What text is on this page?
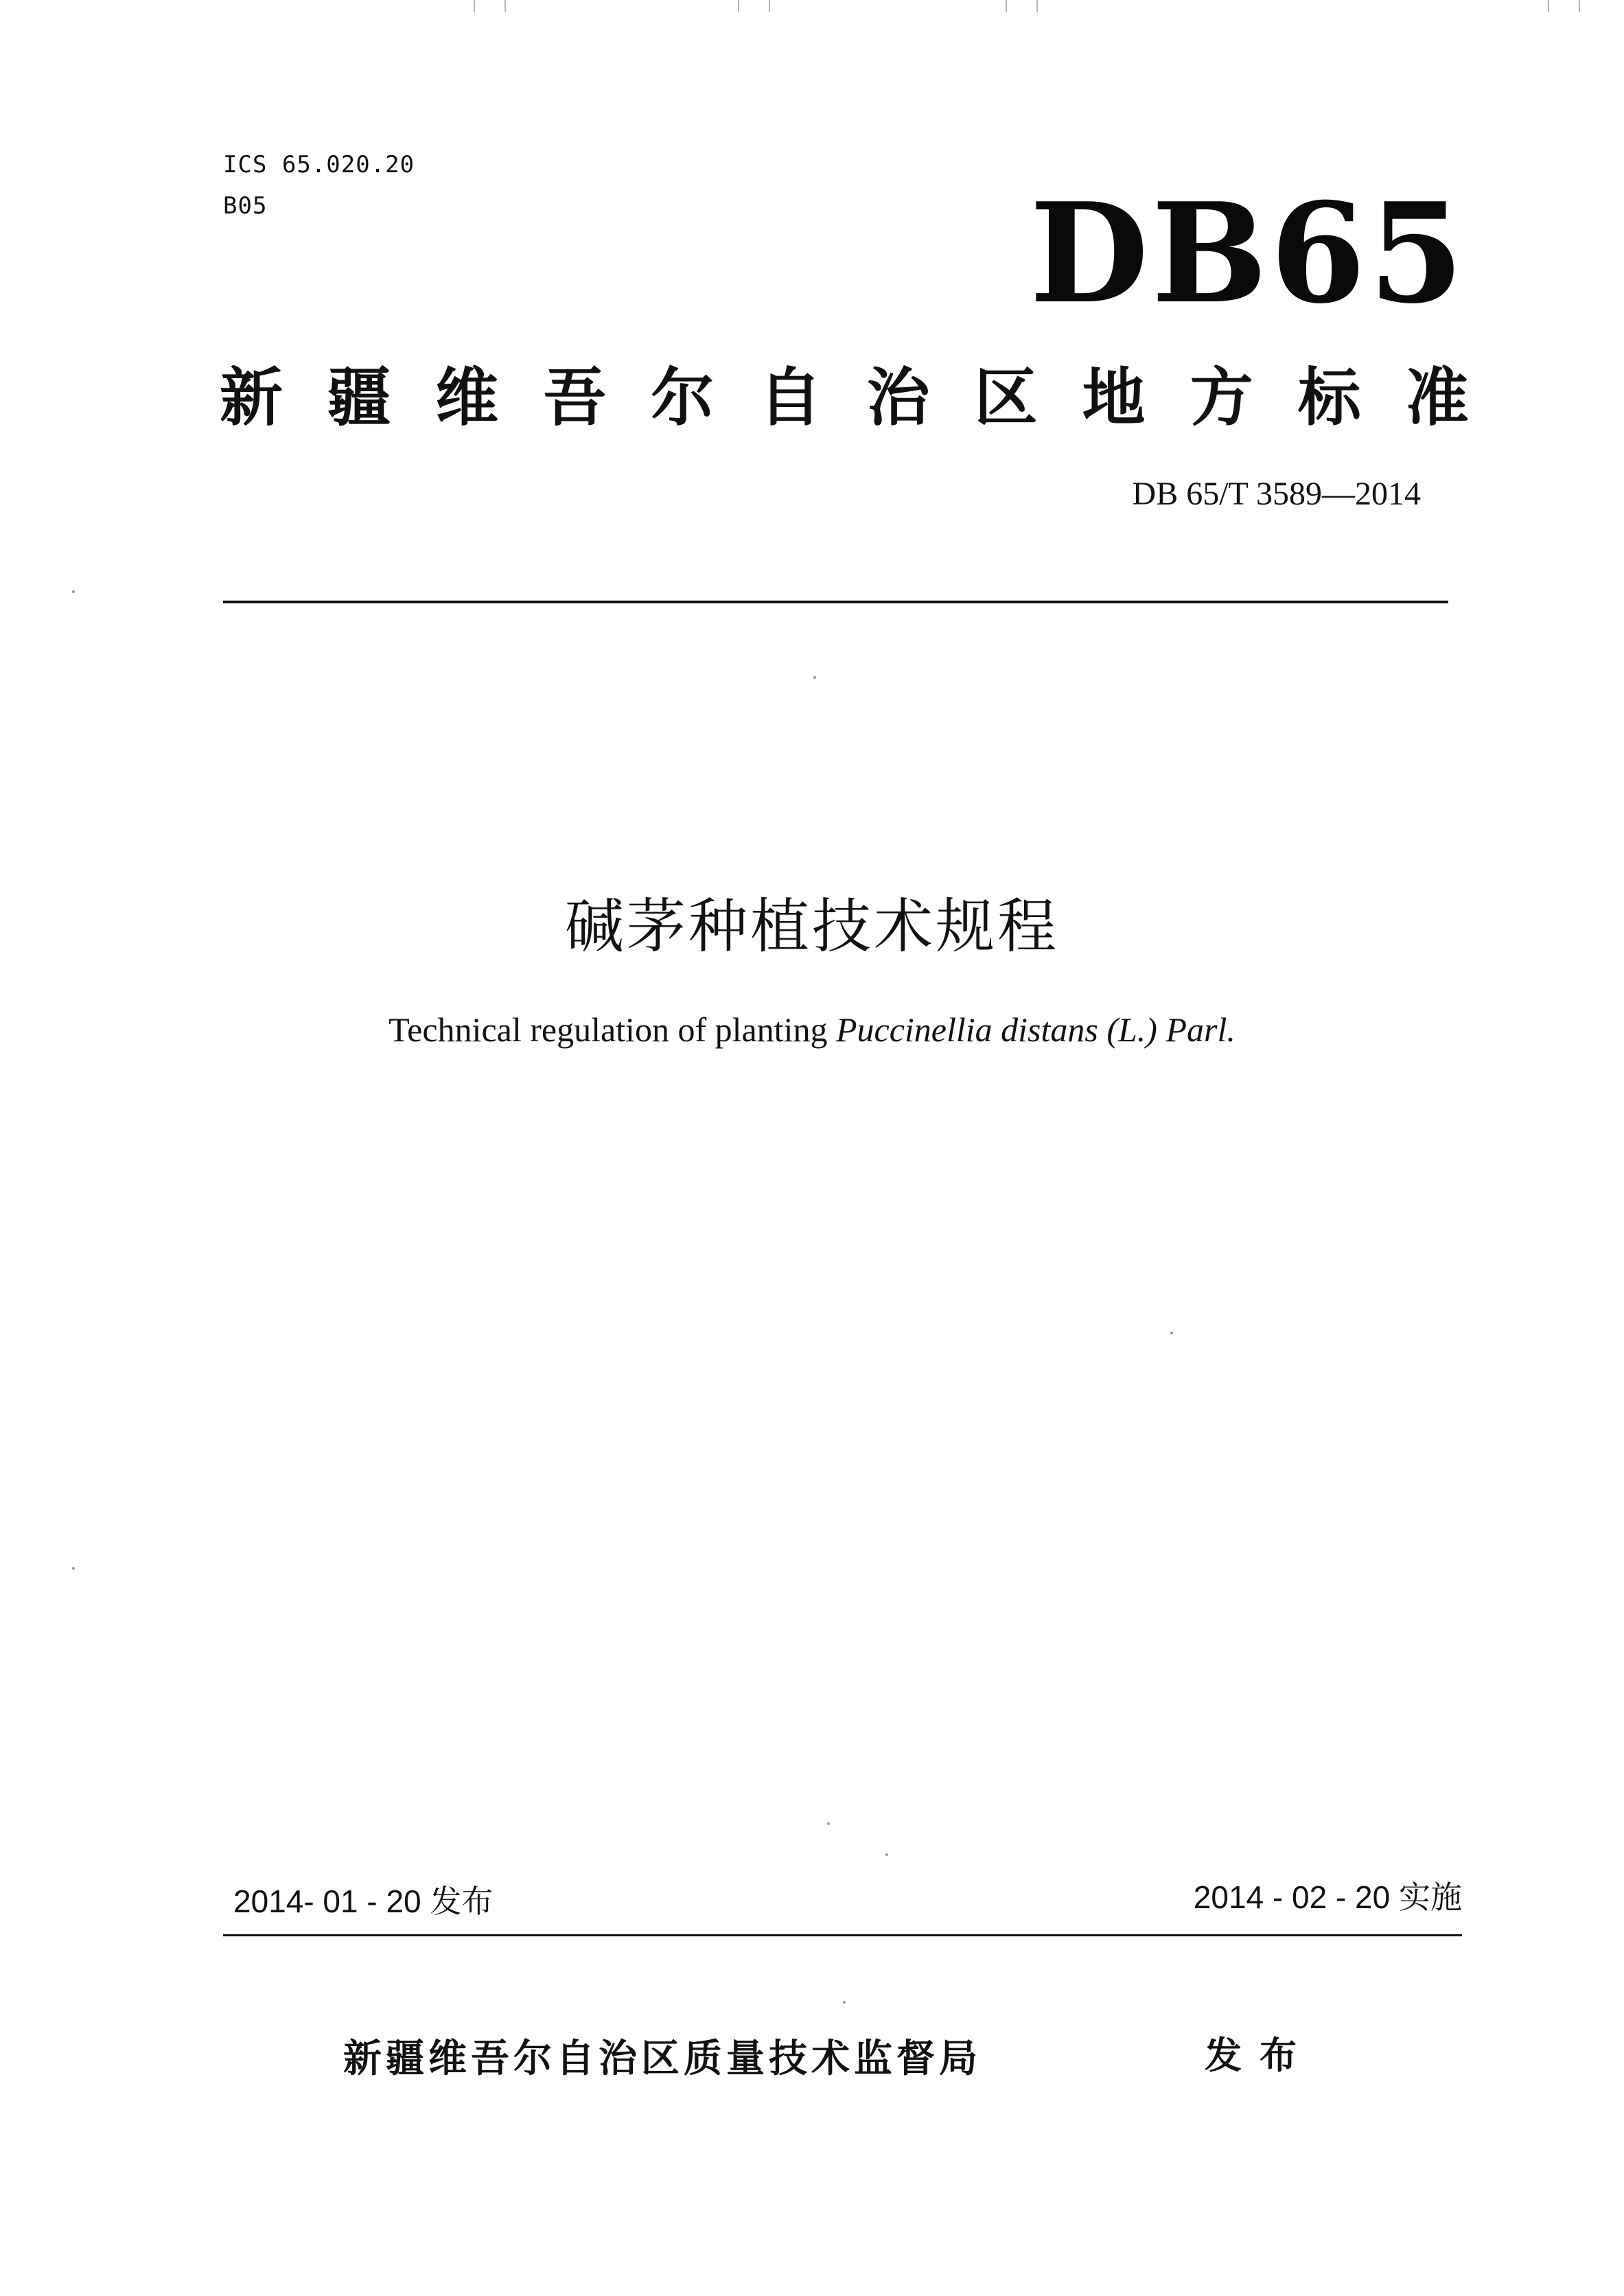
ICS 65.020.20
B05	DB65
新 疆 维 吾 尔 自 治 区 地 方 标 准
DB 65/T 3589—2014
碱茅种植技术规程
Technical regulation of planting Puccinellia distans (L.) Parl.
2014- 01 - 20 发布	2014 - 02 - 20 实施
新疆维吾尔自治区质量技术监督局	发布
